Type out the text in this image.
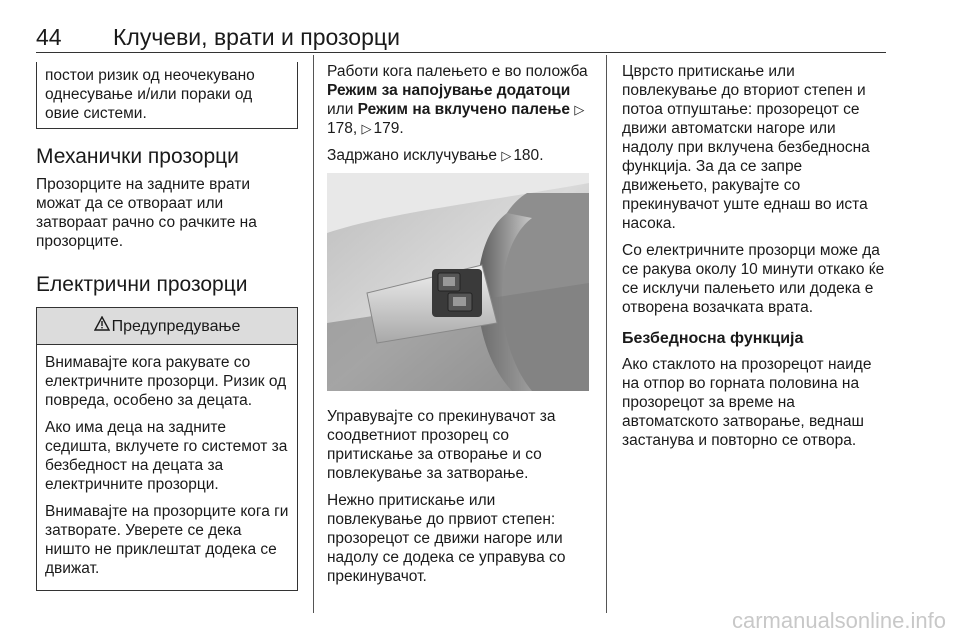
44 Клучеви, врати и прозорци
постои ризик од неочекувано однесување и/или пораки од овие системи.
Механички прозорци

Прозорците на задните врати можат да се отвораат или затвораат рачно со рачките на прозорците.

Електрични прозорци
Предупредување

Внимавајте кога ракувате со електричните прозорци. Ризик од повреда, особено за децата.

Ако има деца на задните седишта, вклучете го системот за безбедност на децата за електричните прозорци.

Внимавајте на прозорците кога ги затворате. Уверете се дека ништо не приклештат додека се движат.

Работи кога палењето е во положба Режим за напојување додатоци или Режим на вклучено палење ▷178, ▷ 179.

Задржано исклучување ▷ 180.

Управувајте со прекинувачот за соодветниот прозорец со притискање за отворање и со повлекување за затворање.

Нежно притискање или повлекување до првиот степен: прозорецот се движи нагоре или надолу се додека се управува со прекинувачот.

Цврсто притискање или повлекување до вториот степен и потоа отпуштање: прозорецот се движи автоматски нагоре или надолу при вклучена безбедносна функција. За да се запре движењето, ракувајте со прекинувачот уште еднаш во иста насока.

Со електричните прозорци може да се ракува околу 10 минути откако ќе се исклучи палењето или додека е отворена возачката врата.

Безбедносна функција

Ако стаклото на прозорецот наиде на отпор во горната половина на прозорецот за време на автоматското затворање, веднаш застанува и повторно се отвора.

carmanualsonline.info
